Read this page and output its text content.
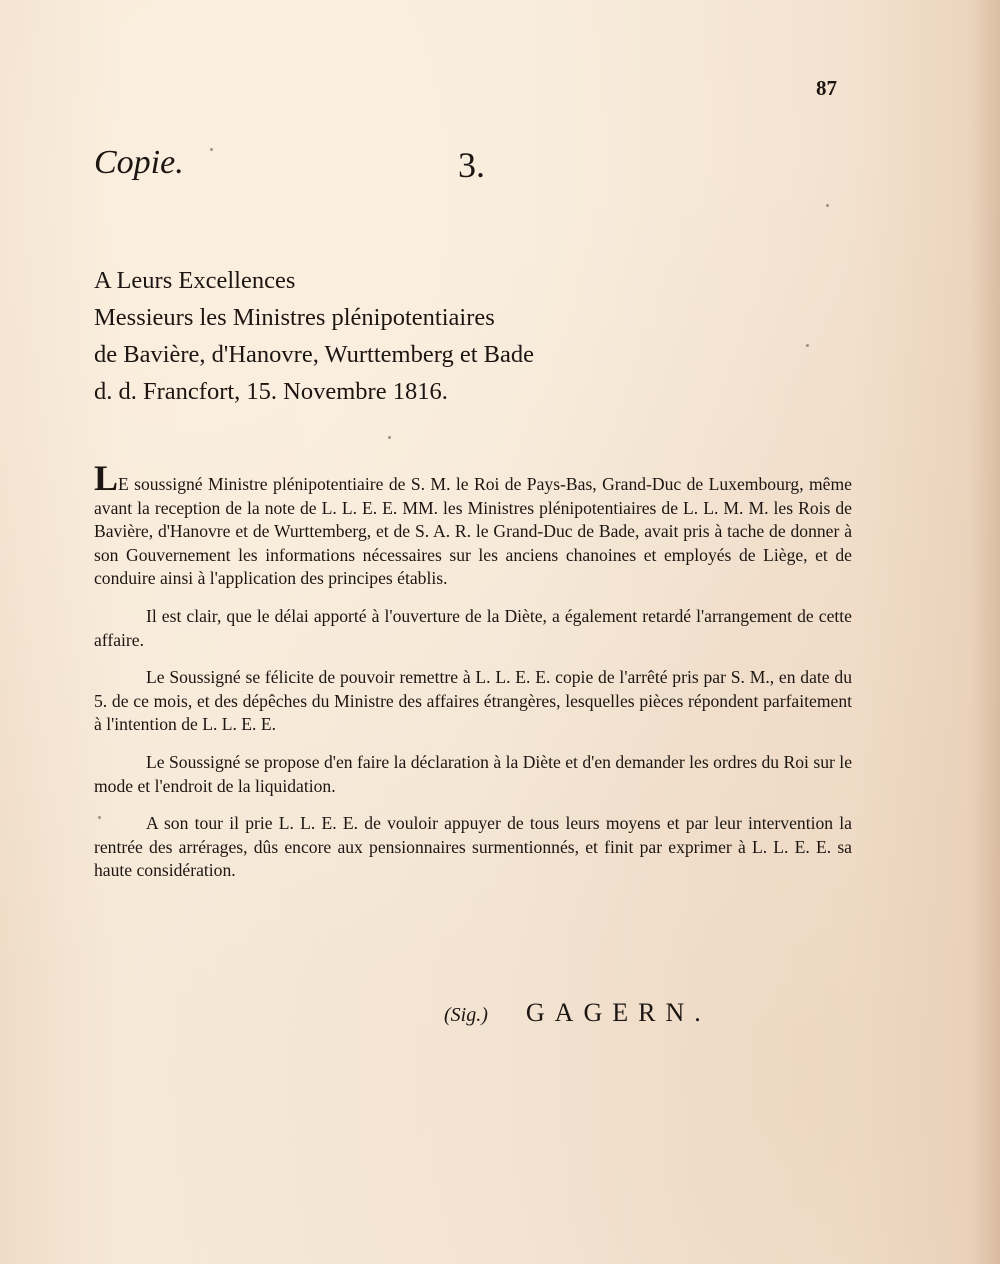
87

Copie.	3.

A Leurs Excellences

Messieurs les Ministres plénipotentiaires

de Bavière, d'Hanovre, Wurttemberg et Bade

d. d. Francfort, 15. Novembre 1816.

LE soussigné Ministre plénipotentiaire de S. M. le Roi de Pays-Bas, Grand-Duc de Luxembourg, même avant la reception de la note de L. L. E. E. MM. les Ministres plénipotentiaires de L. L. M. M. les Rois de Bavière, d'Hanovre et de Wurttemberg, et de S. A. R. le Grand-Duc de Bade, avait pris à tache de donner à son Gouvernement les informations nécessaires sur les anciens chanoines et employés de Liège, et de conduire ainsi à l'application des principes établis.

Il est clair, que le délai apporté à l'ouverture de la Diète, a également retardé l'arrangement de cette affaire.

Le Soussigné se félicite de pouvoir remettre à L. L. E. E. copie de l'arrêté pris par S. M., en date du 5. de ce mois, et des dépêches du Ministre des affaires étrangères, lesquelles pièces répondent parfaitement à l'intention de L. L. E. E.

Le Soussigné se propose d'en faire la déclaration à la Diète et d'en demander les ordres du Roi sur le mode et l'endroit de la liquidation.

A son tour il prie L. L. E. E. de vouloir appuyer de tous leurs moyens et par leur intervention la rentrée des arrérages, dûs encore aux pensionnaires surmentionnés, et finit par exprimer à L. L. E. E. sa haute considération.

(Sig.) GAGERN.
